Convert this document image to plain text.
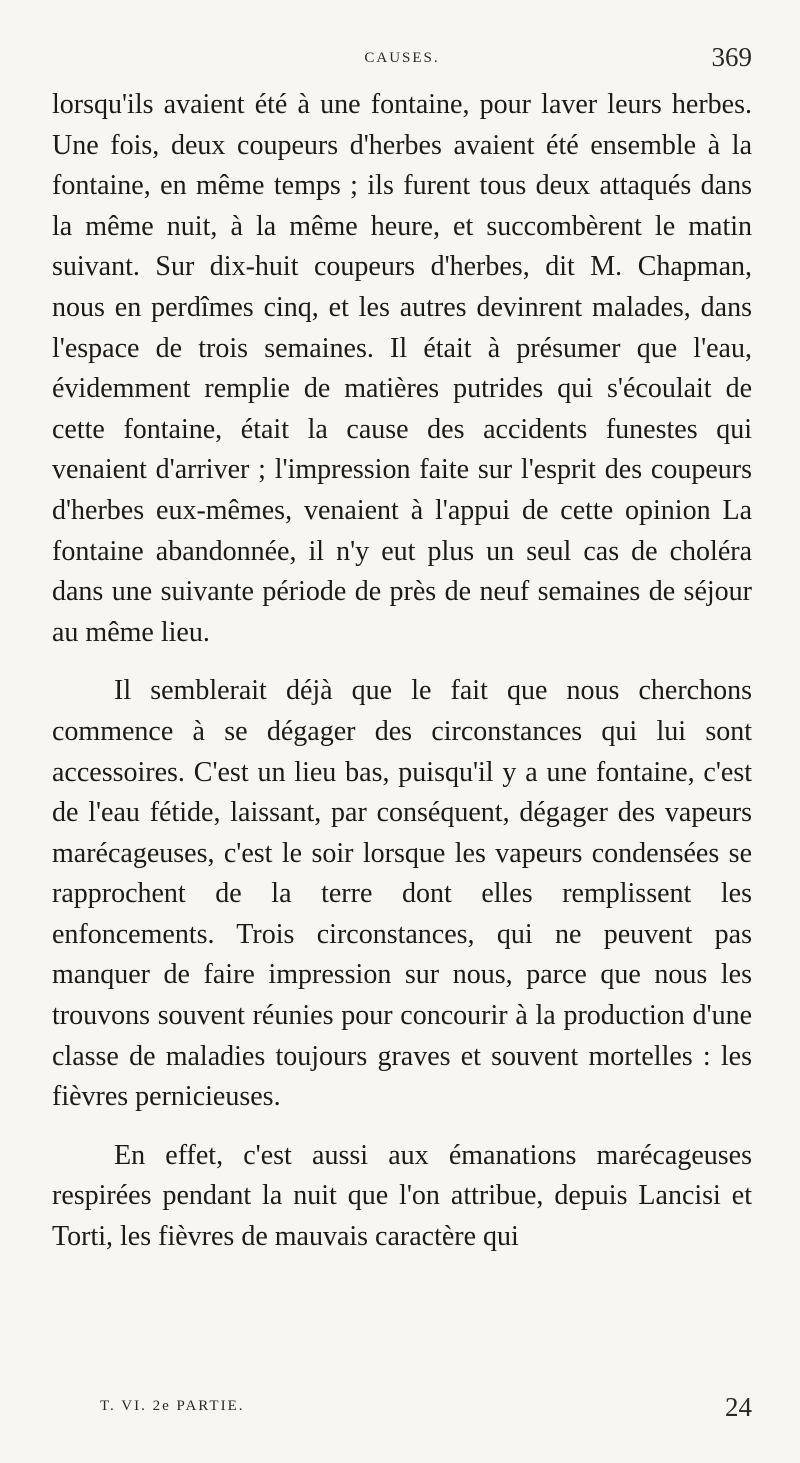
CAUSES.	369

lorsqu'ils avaient été à une fontaine, pour laver leurs herbes. Une fois, deux coupeurs d'herbes avaient été ensemble à la fontaine, en même temps ; ils furent tous deux attaqués dans la même nuit, à la même heure, et succombèrent le matin suivant. Sur dix-huit coupeurs d'herbes, dit M. Chapman, nous en perdîmes cinq, et les autres devinrent malades, dans l'espace de trois semaines. Il était à présumer que l'eau, évidemment remplie de matières putrides qui s'écoulait de cette fontaine, était la cause des accidents funestes qui venaient d'arriver ; l'impression faite sur l'esprit des coupeurs d'herbes eux-mêmes, venaient à l'appui de cette opinion La fontaine abandonnée, il n'y eut plus un seul cas de choléra dans une suivante période de près de neuf semaines de séjour au même lieu.

Il semblerait déjà que le fait que nous cherchons commence à se dégager des circonstances qui lui sont accessoires. C'est un lieu bas, puisqu'il y a une fontaine, c'est de l'eau fétide, laissant, par conséquent, dégager des vapeurs marécageuses, c'est le soir lorsque les vapeurs condensées se rapprochent de la terre dont elles remplissent les enfoncements. Trois circonstances, qui ne peuvent pas manquer de faire impression sur nous, parce que nous les trouvons souvent réunies pour concourir à la production d'une classe de maladies toujours graves et souvent mortelles : les fièvres pernicieuses.

En effet, c'est aussi aux émanations marécageuses respirées pendant la nuit que l'on attribue, depuis Lancisi et Torti, les fièvres de mauvais caractère qui

T. VI. 2e PARTIE.	24
